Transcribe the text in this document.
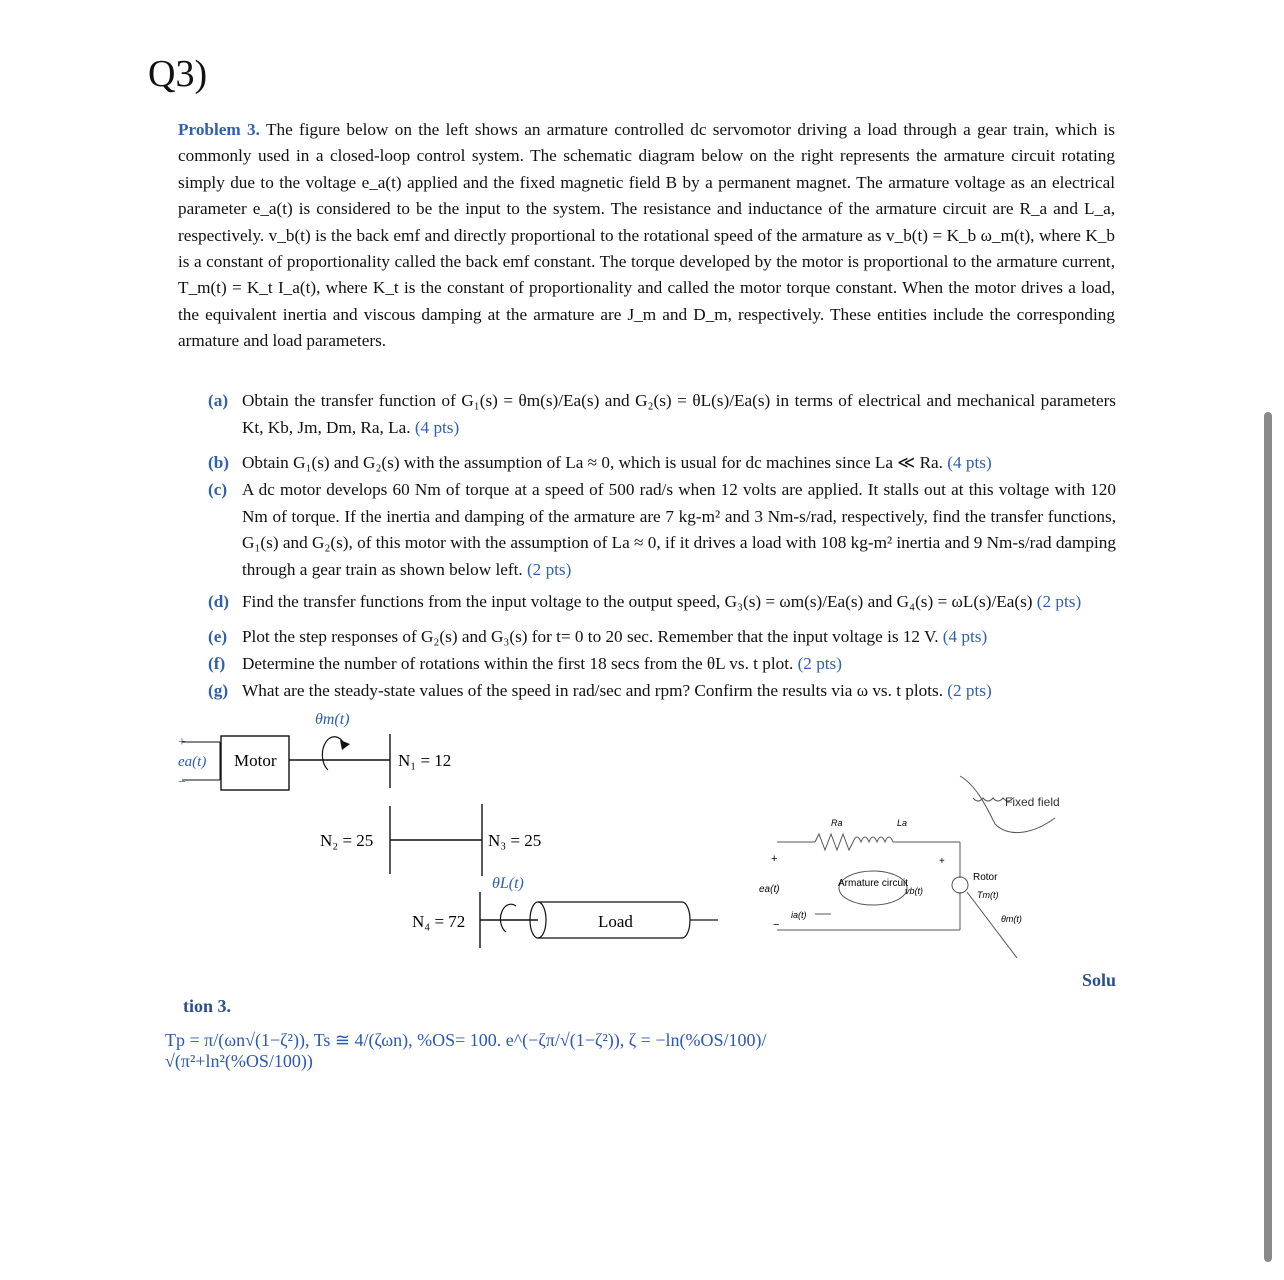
Q3)
Problem 3. The figure below on the left shows an armature controlled dc servomotor driving a load through a gear train, which is commonly used in a closed-loop control system. The schematic diagram below on the right represents the armature circuit rotating simply due to the voltage e_a(t) applied and the fixed magnetic field B by a permanent magnet. The armature voltage as an electrical parameter e_a(t) is considered to be the input to the system. The resistance and inductance of the armature circuit are R_a and L_a, respectively. v_b(t) is the back emf and directly proportional to the rotational speed of the armature as v_b(t) = K_b ω_m(t), where K_b is a constant of proportionality called the back emf constant. The torque developed by the motor is proportional to the armature current, T_m(t) = K_t I_a(t), where K_t is the constant of proportionality and called the motor torque constant. When the motor drives a load, the equivalent inertia and viscous damping at the armature are J_m and D_m, respectively. These entities include the corresponding armature and load parameters.
(a) Obtain the transfer function of G₁(s) = θm(s)/Ea(s) and G₂(s) = θL(s)/Ea(s) in terms of electrical and mechanical parameters Kt, Kb, Jm, Dm, Ra, La. (4 pts)
(b) Obtain G₁(s) and G₂(s) with the assumption of La ≈ 0, which is usual for dc machines since La ≪ Ra. (4 pts)
(c) A dc motor develops 60 Nm of torque at a speed of 500 rad/s when 12 volts are applied. It stalls out at this voltage with 120 Nm of torque. If the inertia and damping of the armature are 7 kg-m² and 3 Nm-s/rad, respectively, find the transfer functions, G₁(s) and G₂(s), of this motor with the assumption of La ≈ 0, if it drives a load with 108 kg-m² inertia and 9 Nm-s/rad damping through a gear train as shown below left. (2 pts)
(d) Find the transfer functions from the input voltage to the output speed, G₃(s) = ωm(s)/Ea(s) and G₄(s) = ωL(s)/Ea(s) (2 pts)
(e) Plot the step responses of G₂(s) and G₃(s) for t= 0 to 20 sec. Remember that the input voltage is 12 V. (4 pts)
(f) Determine the number of rotations within the first 18 secs from the θL vs. t plot. (2 pts)
(g) What are the steady-state values of the speed in rad/sec and rpm? Confirm the results via ω vs. t plots. (2 pts)
θm(t)
+
−
ea(t) Motor	N₁ = 12
N₂ = 25	N₃ = 25
θL(t)
N₄ = 72	Load
Fixed field
Ra	La
+
ea(t)
−
Armature circuit
vb(t)
+
Rotor
Tm(t)
θm(t)
ia(t)
Solu
tion 3.
Tp = π/(ωn√(1−ζ²)), Ts ≅ 4/(ζωn), %OS= 100. e^(−ζπ/√(1−ζ²)), ζ = −ln(%OS/100)/√(π²+ln²(%OS/100))
